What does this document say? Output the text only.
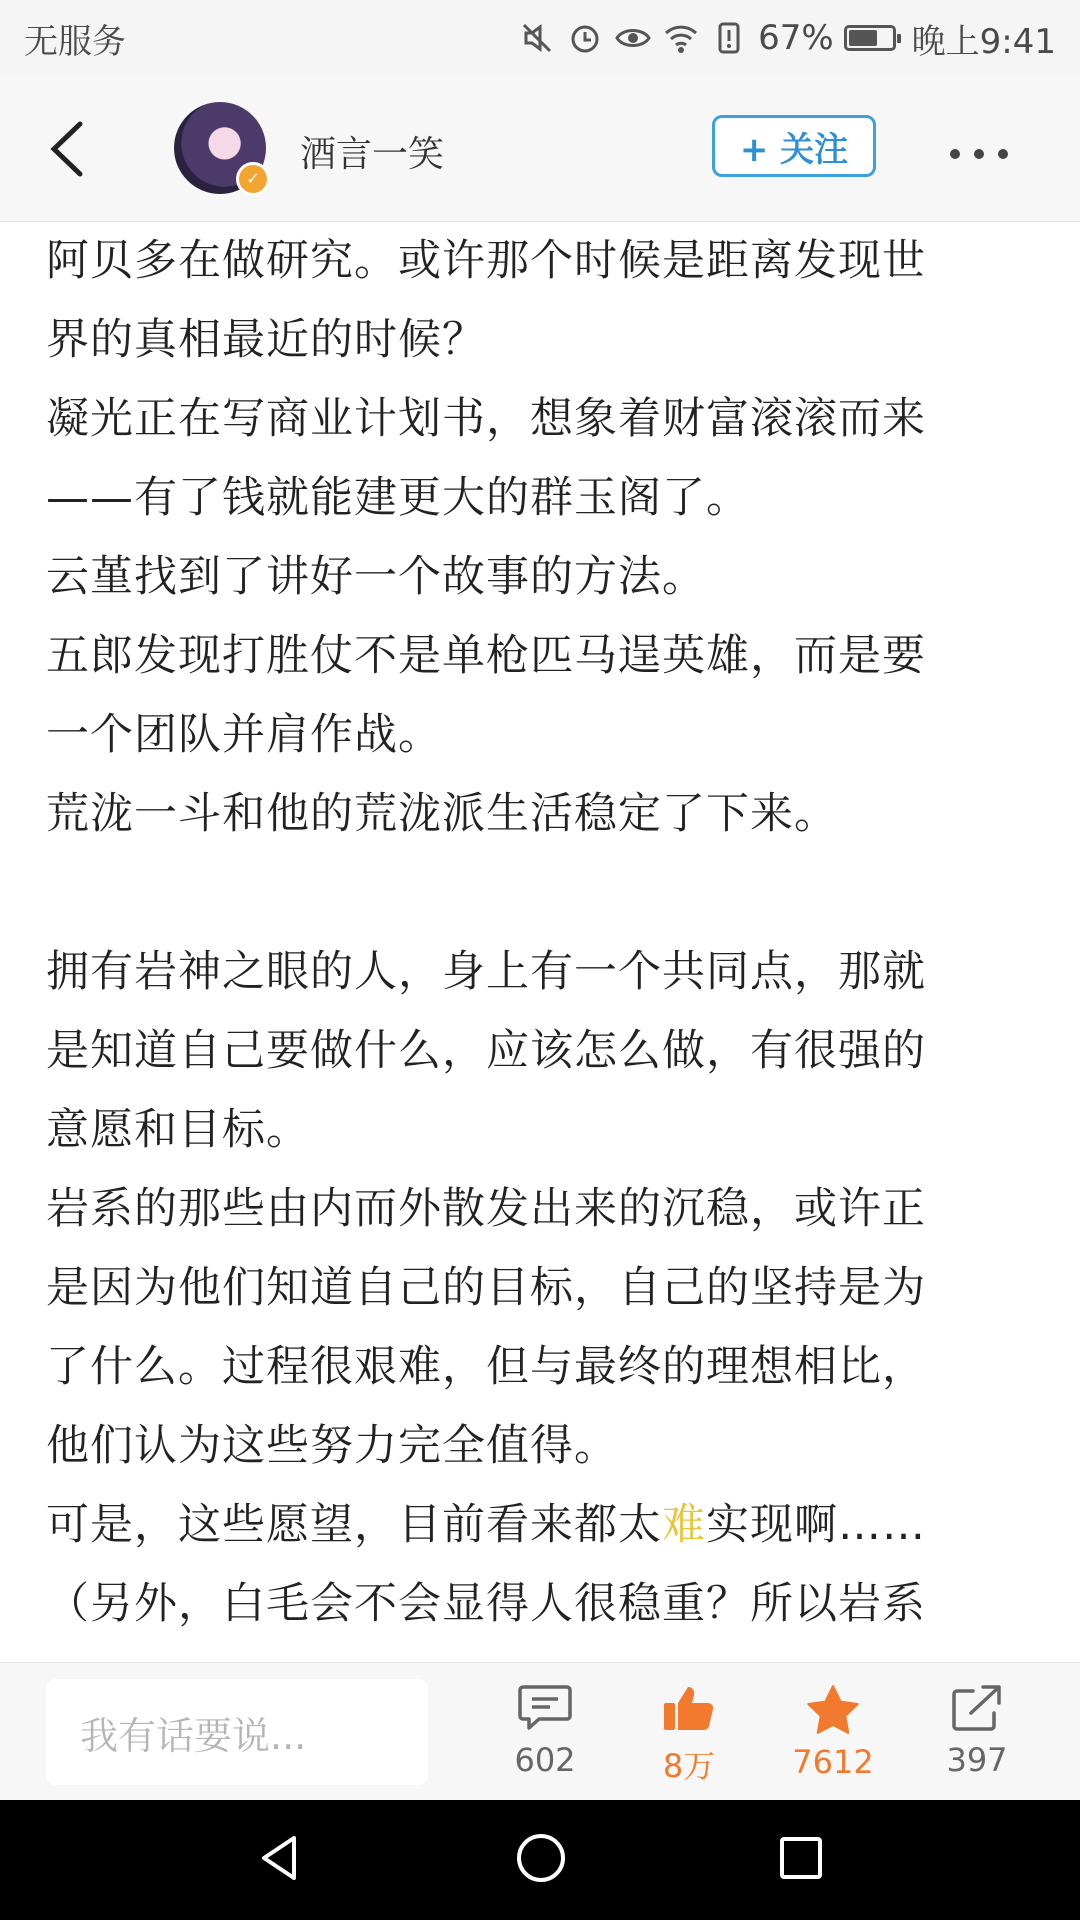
无服务	67% 晚上9:41
✓
酒言一笑	+ 关注

阿贝多在做研究。或许那个时候是距离发现世

界的真相最近的时候？

凝光正在写商业计划书，想象着财富滚滚而来

——有了钱就能建更大的群玉阁了。

云堇找到了讲好一个故事的方法。

五郎发现打胜仗不是单枪匹马逞英雄，而是要

一个团队并肩作战。

荒泷一斗和他的荒泷派生活稳定了下来。

拥有岩神之眼的人，身上有一个共同点，那就

是知道自己要做什么，应该怎么做，有很强的

意愿和目标。

岩系的那些由内而外散发出来的沉稳，或许正

是因为他们知道自己的目标，自己的坚持是为

了什么。过程很艰难，但与最终的理想相比，

他们认为这些努力完全值得。

可是，这些愿望，目前看来都太难实现啊……

（另外，白毛会不会显得人很稳重？所以岩系

我有话要说...
602	8万	7612	397
